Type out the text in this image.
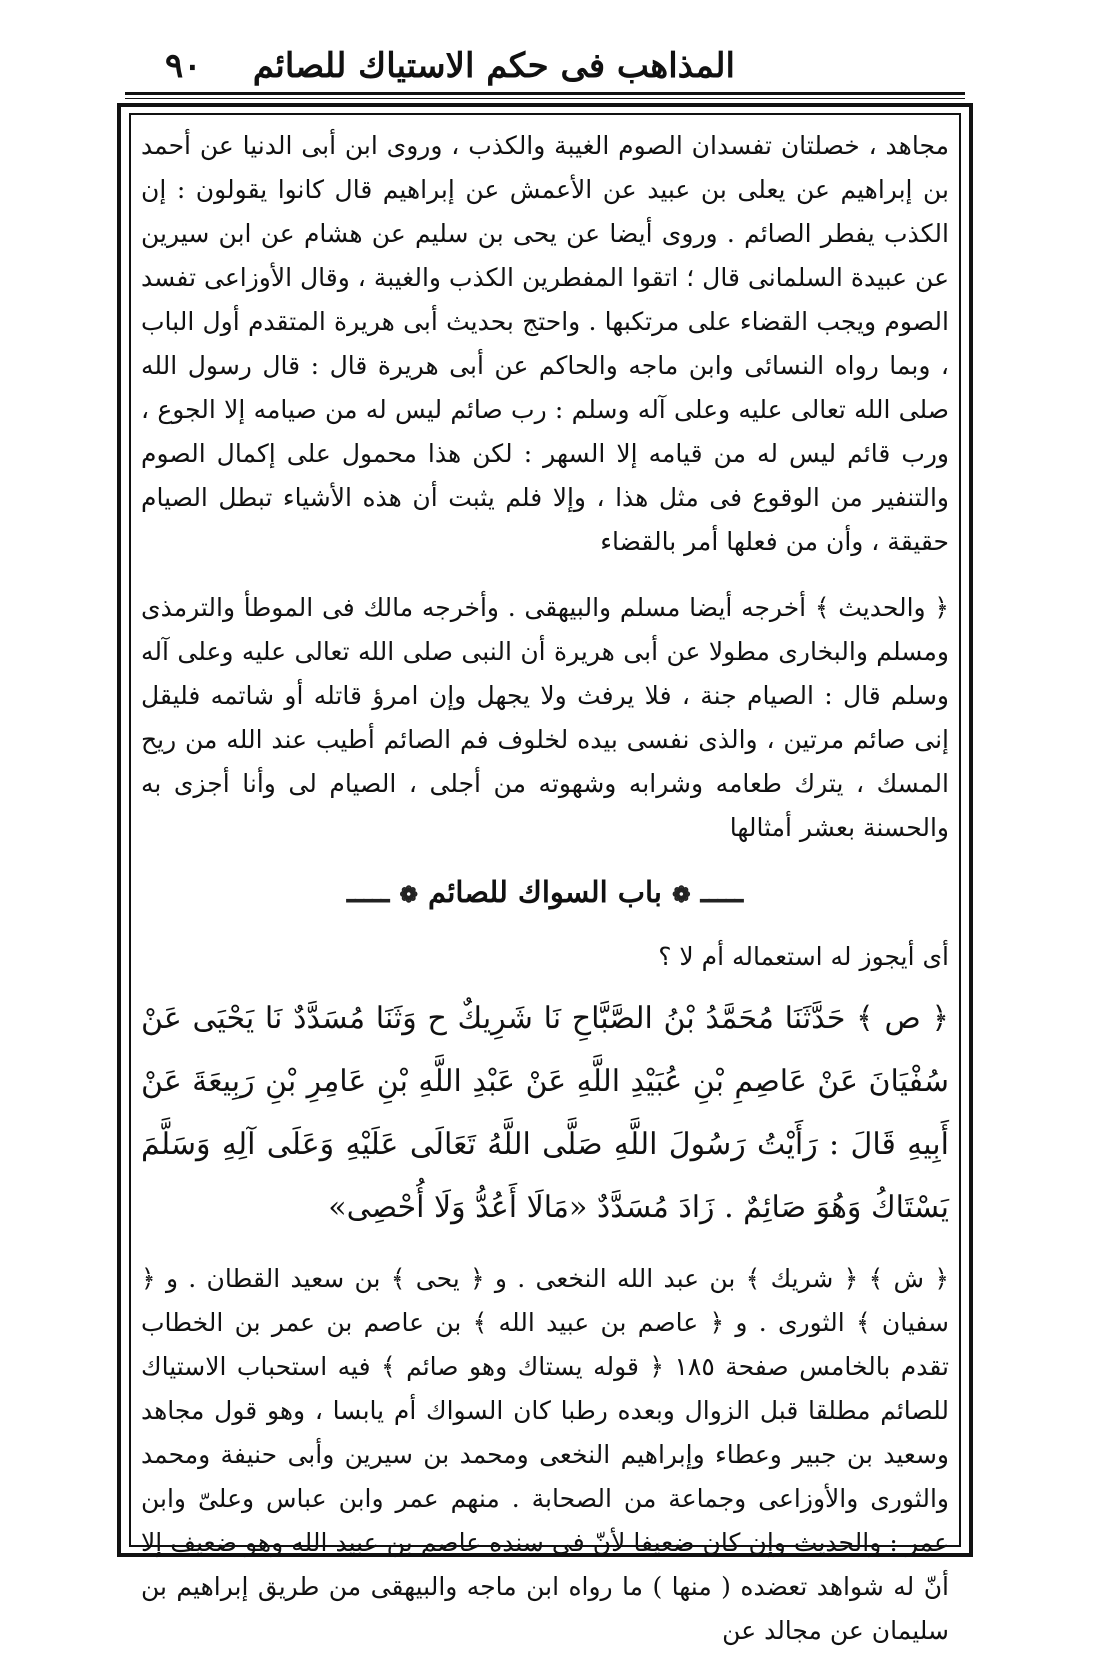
المذاهب فى حكم الاستياك للصائم
٩٠

مجاهد ، خصلتان تفسدان الصوم الغيبة والكذب ، وروى ابن أبى الدنيا عن أحمد بن إبراهيم عن يعلى بن عبيد عن الأعمش عن إبراهيم قال كانوا يقولون : إن الكذب يفطر الصائم . وروى أيضا عن يحى بن سليم عن هشام عن ابن سيرين عن عبيدة السلمانى قال ؛ اتقوا المفطرين الكذب والغيبة ، وقال الأوزاعى تفسد الصوم ويجب القضاء على مرتكبها . واحتج بحديث أبى هريرة المتقدم أول الباب ، وبما رواه النسائى وابن ماجه والحاكم عن أبى هريرة قال : قال رسول الله صلى الله تعالى عليه وعلى آله وسلم : رب صائم ليس له من صيامه إلا الجوع ، ورب قائم ليس له من قيامه إلا السهر : لكن هذا محمول على إكمال الصوم والتنفير من الوقوع فى مثل هذا ، وإلا فلم يثبت أن هذه الأشياء تبطل الصيام حقيقة ، وأن من فعلها أمر بالقضاء

﴿ والحديث ﴾ أخرجه أيضا مسلم والبيهقى . وأخرجه مالك فى الموطأ والترمذى ومسلم والبخارى مطولا عن أبى هريرة أن النبى صلى الله تعالى عليه وعلى آله وسلم قال : الصيام جنة ، فلا يرفث ولا يجهل وإن امرؤ قاتله أو شاتمه فليقل إنى صائم مرتين ، والذى نفسى بيده لخلوف فم الصائم أطيب عند الله من ريح المسك ، يترك طعامه وشرابه وشهوته من أجلى ، الصيام لى وأنا أجزى به والحسنة بعشر أمثالها

ـــــ ❁ باب السواك للصائم ❁ ـــــ

أى أيجوز له استعماله أم لا ؟

﴿ ص ﴾ حَدَّثَنَا مُحَمَّدُ بْنُ الصَّبَّاحِ نَا شَرِيكٌ ح وَثَنَا مُسَدَّدٌ نَا يَحْيَى عَنْ سُفْيَانَ عَنْ عَاصِمِ بْنِ عُبَيْدِ اللَّهِ عَنْ عَبْدِ اللَّهِ بْنِ عَامِرِ بْنِ رَبِيعَةَ عَنْ أَبِيهِ قَالَ : رَأَيْتُ رَسُولَ اللَّهِ صَلَّى اللَّهُ تَعَالَى عَلَيْهِ وَعَلَى آلِهِ وَسَلَّمَ يَسْتَاكُ وَهُوَ صَائِمٌ . زَادَ مُسَدَّدٌ «مَالَا أَعُدُّ وَلَا أُحْصِى»

﴿ ش ﴾ ﴿ شريك ﴾ بن عبد الله النخعى . و ﴿ يحى ﴾ بن سعيد القطان . و ﴿ سفيان ﴾ الثورى . و ﴿ عاصم بن عبيد الله ﴾ بن عاصم بن عمر بن الخطاب تقدم بالخامس صفحة ١٨٥ ﴿ قوله يستاك وهو صائم ﴾ فيه استحباب الاستياك للصائم مطلقا قبل الزوال وبعده رطبا كان السواك أم يابسا ، وهو قول مجاهد وسعيد بن جبير وعطاء وإبراهيم النخعى ومحمد بن سيرين وأبى حنيفة ومحمد والثورى والأوزاعى وجماعة من الصحابة . منهم عمر وابن عباس وعلىّ وابن عمر : والحديث وإن كان ضعيفا لأنّ فى سنده عاصم بن عبيد الله وهو ضعيف إلا أنّ له شواهد تعضده ( منها ) ما رواه ابن ماجه والبيهقى من طريق إبراهيم بن سليمان عن مجالد عن
